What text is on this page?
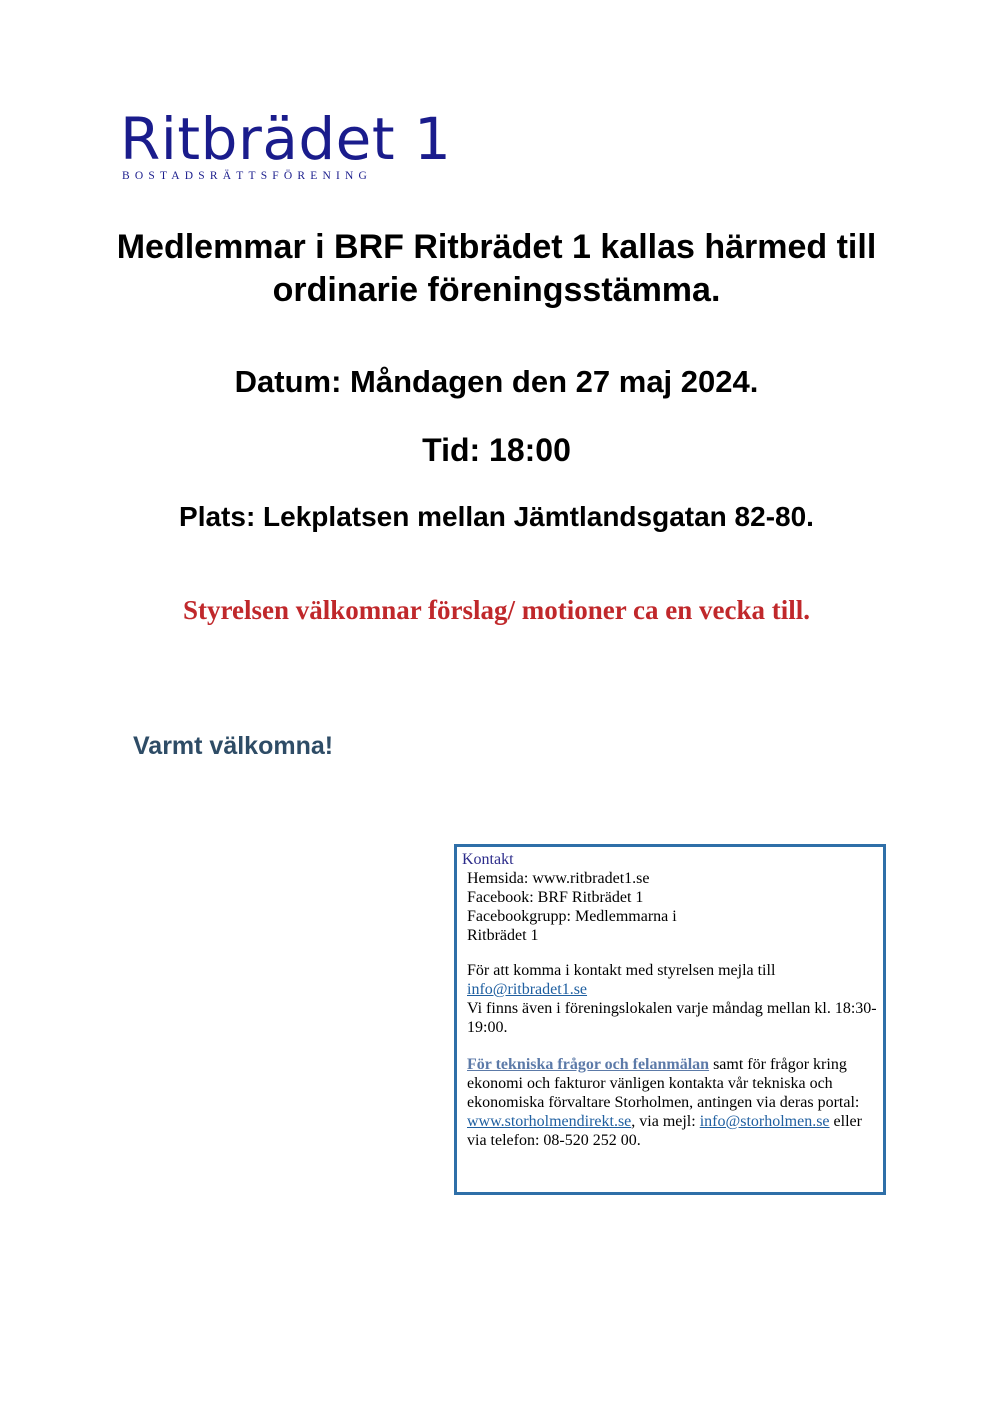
Ritbrädet 1
BOSTADSRÄTTSFÖRENING
Medlemmar i BRF Ritbrädet 1 kallas härmed till ordinarie föreningsstämma.

Datum: Måndagen den 27 maj 2024.

Tid: 18:00

Plats: Lekplatsen mellan Jämtlandsgatan 82-80.

Styrelsen välkomnar förslag/ motioner ca en vecka till.

Varmt välkomna!

Kontakt

Hemsida: www.ritbradet1.se

Facebook: BRF Ritbrädet 1

Facebookgrupp: Medlemmarna i

Ritbrädet 1

För att komma i kontakt med styrelsen mejla till

info@ritbradet1.se

Vi finns även i föreningslokalen varje måndag mellan kl. 18:30-19:00.

För tekniska frågor och felanmälan samt för frågor kring ekonomi och fakturor vänligen kontakta vår tekniska och ekonomiska förvaltare Storholmen, antingen via deras portal: www.storholmendirekt.se, via mejl: info@storholmen.se eller via telefon: 08-520 252 00.
